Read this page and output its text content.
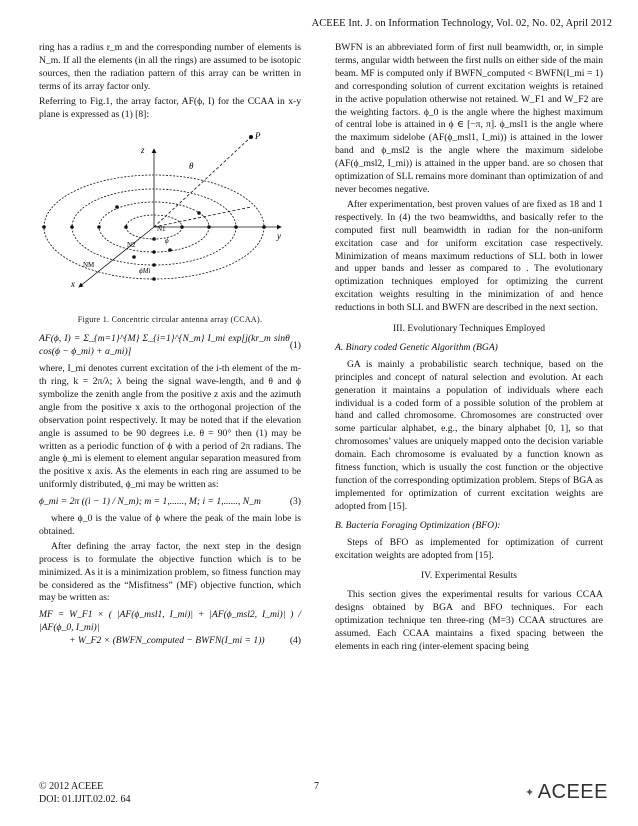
ACEEE Int. J. on Information Technology, Vol. 02, No. 02, April 2012

ring has a radius r_m and the corresponding number of elements is N_m. If all the elements (in all the rings) are assumed to be isotopic sources, then the radiation pattern of this array can be written in terms of its array factor only.

Referring to Fig.1, the array factor, AF(ϕ, I) for the CCAA in x-y plane is expressed as (1) [8]:

z
y
x
P
θ
N1
N2
NM
ϕ
ϕMi
Figure 1. Concentric circular antenna array (CCAA).
AF(ϕ, I) = Σ_{m=1}^{M} Σ_{i=1}^{N_m} I_mi exp[j(kr_m sinθ cos(ϕ − ϕ_mi) + α_mi)]
(1)

where, I_mi denotes current excitation of the i-th element of the m-th ring, k = 2π/λ; λ being the signal wave-length, and θ and ϕ symbolize the zenith angle from the positive z axis and the azimuth angle from the positive x axis to the orthogonal projection of the observation point respectively. It may be noted that if the elevation angle is assumed to be 90 degrees i.e. θ = 90° then (1) may be written as a periodic function of ϕ with a period of 2π radians. The angle ϕ_mi is element to element angular separation measured from the positive x axis. As the elements in each ring are assumed to be uniformly distributed, ϕ_mi may be written as:

ϕ_mi = 2π ((i − 1) / N_m); m = 1,......, M; i = 1,......, N_m	(3)

where ϕ_0 is the value of ϕ where the peak of the main lobe is obtained.

After defining the array factor, the next step in the design process is to formulate the objective function which is to be minimized. As it is a minimization problem, so fitness function may be considered as the “Misfitness” (MF) objective function, which may be written as:

MF = W_F1 × ( |AF(ϕ_msl1, I_mi)| + |AF(ϕ_msl2, I_mi)| ) / |AF(ϕ_0, I_mi)|
+ W_F2 × (BWFN_computed − BWFN(I_mi = 1))	(4)

BWFN is an abbreviated form of first null beamwidth, or, in simple terms, angular width between the first nulls on either side of the main beam. MF is computed only if BWFN_computed < BWFN(I_mi = 1) and corresponding solution of current excitation weights is retained in the active population otherwise not retained. W_F1 and W_F2 are the weighting factors. ϕ_0 is the angle where the highest maximum of central lobe is attained in ϕ ∈ [−π, π]. ϕ_msl1 is the angle where the maximum sidelobe (AF(ϕ_msl1, I_mi)) is attained in the lower band and ϕ_msl2 is the angle where the maximum sidelobe (AF(ϕ_msl2, I_mi)) is attained in the upper band. are so chosen that optimization of SLL remains more dominant than optimization of and never becomes negative.

After experimentation, best proven values of are fixed as 18 and 1 respectively. In (4) the two beamwidths, and basically refer to the computed first null beamwidth in radian for the non-uniform excitation case and for uniform excitation case respectively. Minimization of means maximum reductions of SLL both in lower and upper bands and lesser as compared to . The evolutionary optimization techniques employed for optimizing the current excitation weights resulting in the minimization of and hence reductions in both SLL and BWFN are described in the next section.

III. Evolutionary Techniques Employed
A. Binary coded Genetic Algorithm (BGA)

GA is mainly a probabilistic search technique, based on the principles and concept of natural selection and evolution. At each generation it maintains a population of individuals where each individual is a coded form of a possible solution of the problem at hand and called chromosome. Chromosomes are constructed over some particular alphabet, e.g., the binary alphabet [0, 1], so that chromosomes’ values are uniquely mapped onto the decision variable domain. Each chromosome is evaluated by a function known as fitness function, which is usually the cost function or the objective function of the corresponding optimization problem. Steps of BGA as implemented for optimization of current excitation weights are adopted from [15].

B. Bacteria Foraging Optimization (BFO):

Steps of BFO as implemented for optimization of current excitation weights are adopted from [15].

IV. Experimental Results

This section gives the experimental results for various CCAA designs obtained by BGA and BFO techniques. For each optimization technique ten three-ring (M=3) CCAA structures are assumed. Each CCAA maintains a fixed spacing between the elements in each ring (inter-element spacing being

© 2012 ACEEE
DOI: 01.IJIT.02.02. 64
7
✦ ACEEE
